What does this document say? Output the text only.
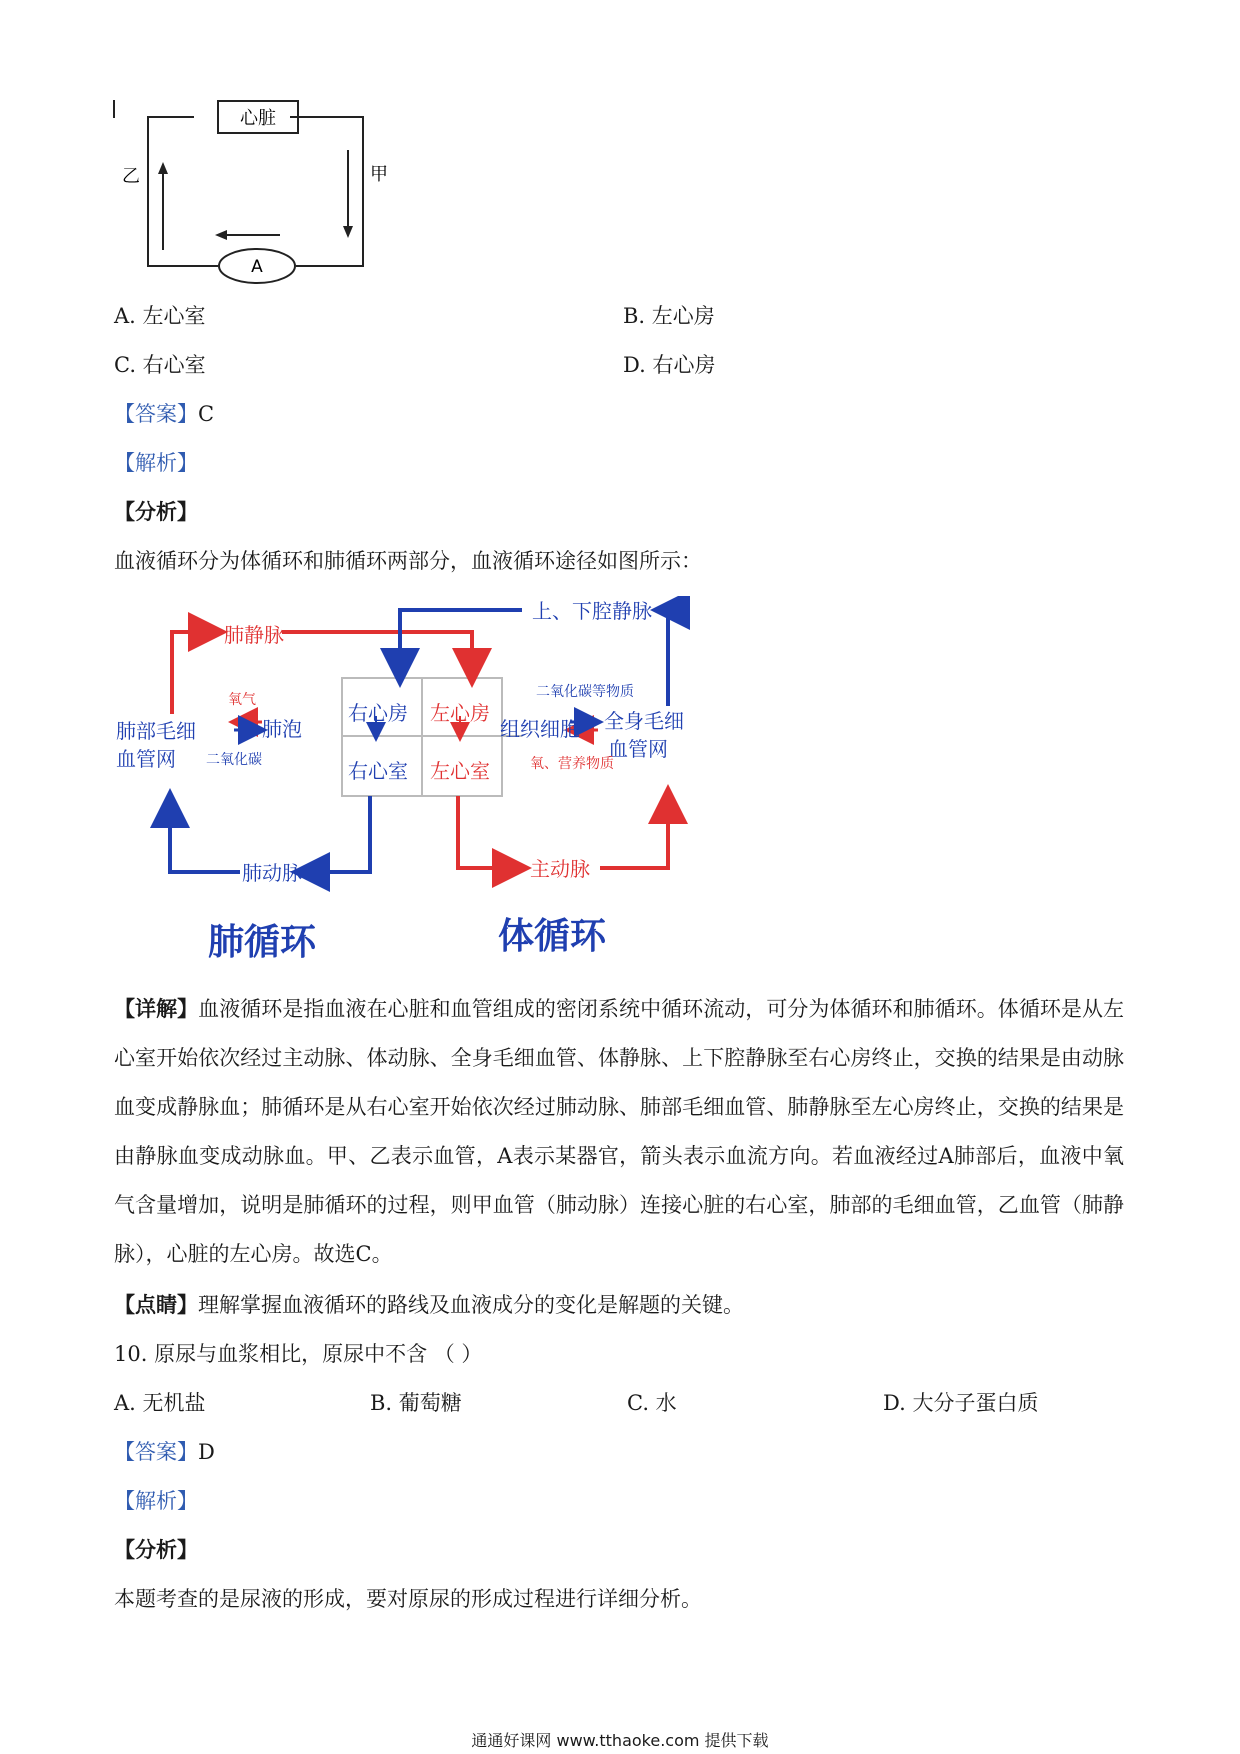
心脏
乙	甲
A
A. 左心室	B. 左心房
C. 右心室	D. 右心房
【答案】C
【解析】
【分析】
血液循环分为体循环和肺循环两部分，血液循环途径如图所示：
肺静脉
上、下腔静脉
右心房 左心房
右心室 左心室
肺部毛细
血管网
肺泡	组织细胞 全身毛细
血管网
肺动脉	主动脉
氧气
二氧化碳
二氧化碳等物质
氧、营养物质
肺循环	体循环
【详解】血液循环是指血液在心脏和血管组成的密闭系统中循环流动，可分为体循环和肺循环。体循环是从左心室开始依次经过主动脉、体动脉、全身毛细血管、体静脉、上下腔静脉至右心房终止，交换的结果是由动脉血变成静脉血；肺循环是从右心室开始依次经过肺动脉、肺部毛细血管、肺静脉至左心房终止，交换的结果是由静脉血变成动脉血。甲、乙表示血管，A表示某器官，箭头表示血流方向。若血液经过A肺部后，血液中氧气含量增加，说明是肺循环的过程，则甲血管（肺动脉）连接心脏的右心室，肺部的毛细血管，乙血管（肺静脉），心脏的左心房。故选C。
【点睛】理解掌握血液循环的路线及血液成分的变化是解题的关键。
10. 原尿与血浆相比，原尿中不含 （ ）
A. 无机盐	B. 葡萄糖	C. 水	D. 大分子蛋白质
【答案】D
【解析】
【分析】
本题考查的是尿液的形成，要对原尿的形成过程进行详细分析。
通通好课网 www.tthaoke.com 提供下载
